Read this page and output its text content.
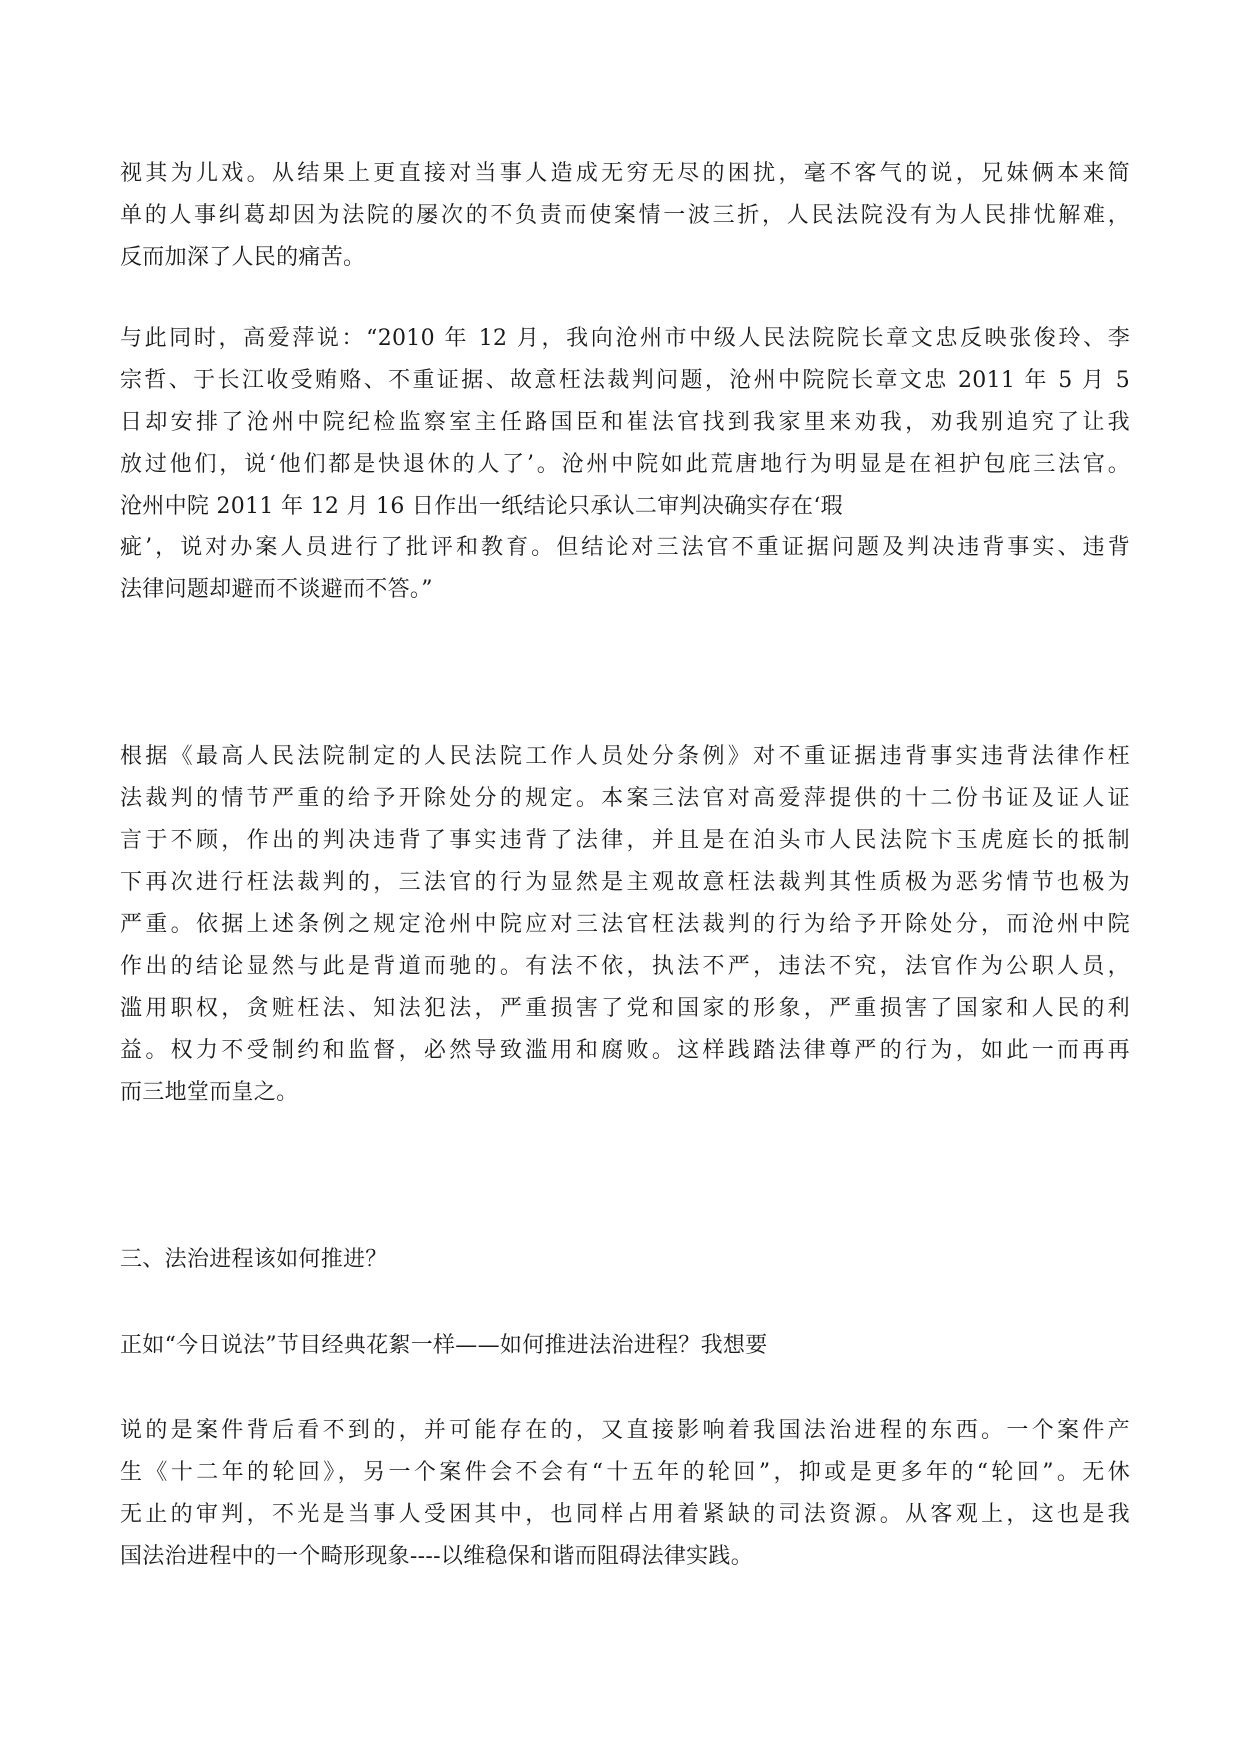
视其为儿戏。从结果上更直接对当事人造成无穷无尽的困扰，毫不客气的说，兄妹俩本来简
单的人事纠葛却因为法院的屡次的不负责而使案情一波三折，人民法院没有为人民排忧解难，
反而加深了人民的痛苦。

与此同时，高爱萍说：“2010 年 12 月，我向沧州市中级人民法院院长章文忠反映张俊玲、李
宗哲、于长江收受贿赂、不重证据、故意枉法裁判问题，沧州中院院长章文忠 2011 年 5 月 5
日却安排了沧州中院纪检监察室主任路国臣和崔法官找到我家里来劝我，劝我别追究了让我
放过他们，说‘他们都是快退休的人了’。沧州中院如此荒唐地行为明显是在袒护包庇三法官。
沧州中院 2011 年 12 月 16 日作出一纸结论只承认二审判决确实存在‘瑕

疵’，说对办案人员进行了批评和教育。但结论对三法官不重证据问题及判决违背事实、违背
法律问题却避而不谈避而不答。”

根据《最高人民法院制定的人民法院工作人员处分条例》对不重证据违背事实违背法律作枉
法裁判的情节严重的给予开除处分的规定。本案三法官对高爱萍提供的十二份书证及证人证
言于不顾，作出的判决违背了事实违背了法律，并且是在泊头市人民法院卞玉虎庭长的抵制
下再次进行枉法裁判的，三法官的行为显然是主观故意枉法裁判其性质极为恶劣情节也极为
严重。依据上述条例之规定沧州中院应对三法官枉法裁判的行为给予开除处分，而沧州中院
作出的结论显然与此是背道而驰的。有法不依，执法不严，违法不究，法官作为公职人员，
滥用职权，贪赃枉法、知法犯法，严重损害了党和国家的形象，严重损害了国家和人民的利
益。权力不受制约和监督，必然导致滥用和腐败。这样践踏法律尊严的行为，如此一而再再
而三地堂而皇之。

三、法治进程该如何推进？

正如“今日说法”节目经典花絮一样——如何推进法治进程？我想要

说的是案件背后看不到的，并可能存在的，又直接影响着我国法治进程的东西。一个案件产
生《十二年的轮回》，另一个案件会不会有“十五年的轮回”，抑或是更多年的“轮回”。无休
无止的审判，不光是当事人受困其中，也同样占用着紧缺的司法资源。从客观上，这也是我
国法治进程中的一个畸形现象----以维稳保和谐而阻碍法律实践。
